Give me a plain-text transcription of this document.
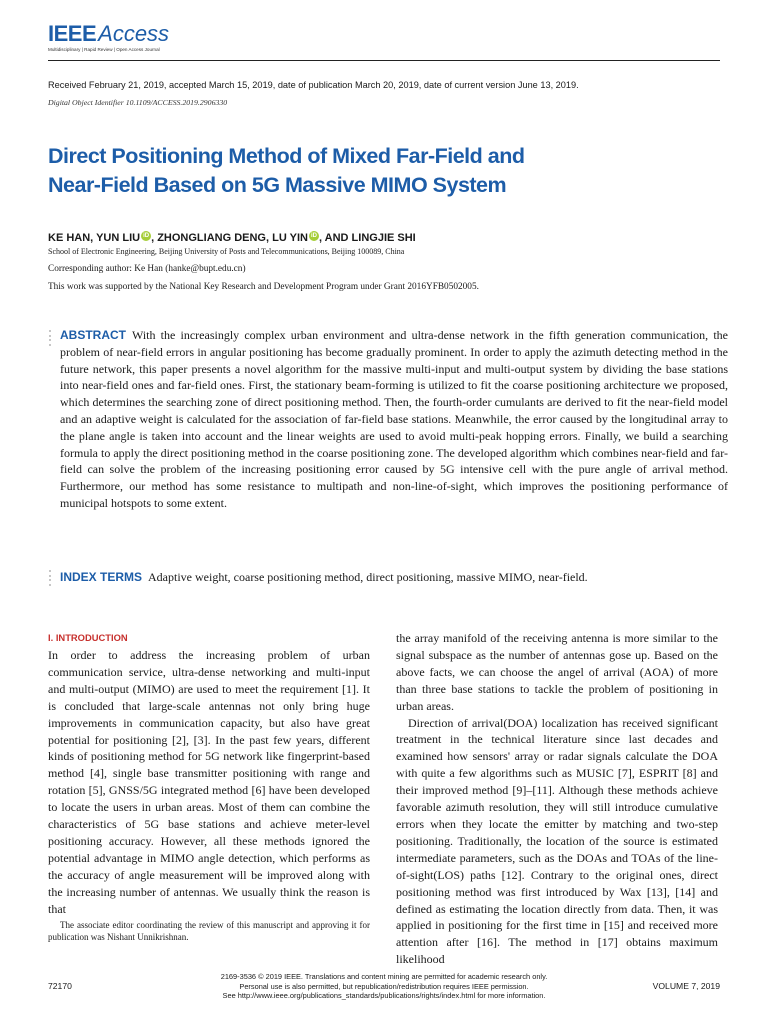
IEEEAccess
Multidisciplinary | Rapid Review | Open Access Journal
Received February 21, 2019, accepted March 15, 2019, date of publication March 20, 2019, date of current version June 13, 2019.
Digital Object Identifier 10.1109/ACCESS.2019.2906330
Direct Positioning Method of Mixed Far-Field and
Near-Field Based on 5G Massive MIMO System
KE HAN, YUN LIU iD , ZHONGLIANG DENG, LU YIN iD , AND LINGJIE SHI
School of Electronic Engineering, Beijing University of Posts and Telecommunications, Beijing 100089, China
Corresponding author: Ke Han (hanke@bupt.edu.cn)
This work was supported by the National Key Research and Development Program under Grant 2016YFB0502005.
ABSTRACT With the increasingly complex urban environment and ultra-dense network in the fifth generation communication, the problem of near-field errors in angular positioning has become gradually prominent. In order to apply the azimuth detecting method in the future network, this paper presents a novel algorithm for the massive multi-input and multi-output system by dividing the base stations into near-field ones and far-field ones. First, the stationary beam-forming is utilized to fit the coarse positioning architecture we proposed, which determines the searching zone of direct positioning method. Then, the fourth-order cumulants are derived to fit the near-field model and an adaptive weight is calculated for the association of far-field base stations. Meanwhile, the error caused by the longitudinal array to the plane angle is taken into account and the linear weights are used to avoid multi-peak hopping errors. Finally, we build a searching formula to apply the direct positioning method in the coarse positioning zone. The developed algorithm which combines near-field and far-field can solve the problem of the increasing positioning error caused by 5G intensive cell with the pure angle of arrival method. Furthermore, our method has some resistance to multipath and non-line-of-sight, which improves the positioning performance of municipal hotspots to some extent.
INDEX TERMS Adaptive weight, coarse positioning method, direct positioning, massive MIMO, near-field.
I. INTRODUCTION

In order to address the increasing problem of urban communication service, ultra-dense networking and multi-input and multi-output (MIMO) are used to meet the requirement [1]. It is concluded that large-scale antennas not only bring huge improvements in communication capacity, but also have great potential for positioning [2], [3]. In the past few years, different kinds of positioning method for 5G network like fingerprint-based method [4], single base transmitter positioning with range and rotation [5], GNSS/5G integrated method [6] have been developed to locate the users in urban areas. Most of them can combine the characteristics of 5G base stations and achieve meter-level positioning accuracy. However, all these methods ignored the potential advantage in MIMO angle detection, which performs as the accuracy of angle measurement will be improved along with the increasing number of antennas. We usually think the reason is that

the array manifold of the receiving antenna is more similar to the signal subspace as the number of antennas gose up. Based on the above facts, we can choose the angel of arrival (AOA) of more than three base stations to tackle the problem of positioning in urban areas.

Direction of arrival(DOA) localization has received significant treatment in the technical literature since last decades and examined how sensors' array or radar signals calculate the DOA with quite a few algorithms such as MUSIC [7], ESPRIT [8] and their improved method [9]–[11]. Although these methods achieve favorable azimuth resolution, they will still introduce cumulative errors when they locate the emitter by matching and two-step positioning. Traditionally, the location of the source is estimated intermediate parameters, such as the DOAs and TOAs of the line-of-sight(LOS) paths [12]. Contrary to the original ones, direct positioning method was first introduced by Wax [13], [14] and defined as estimating the location directly from data. Then, it was applied in positioning for the first time in [15] and received more attention after [16]. The method in [17] obtains maximum likelihood

The associate editor coordinating the review of this manuscript and approving it for publication was Nishant Unnikrishnan.
72170
2169-3536 © 2019 IEEE. Translations and content mining are permitted for academic research only.
Personal use is also permitted, but republication/redistribution requires IEEE permission.
See http://www.ieee.org/publications_standards/publications/rights/index.html for more information.
VOLUME 7, 2019
